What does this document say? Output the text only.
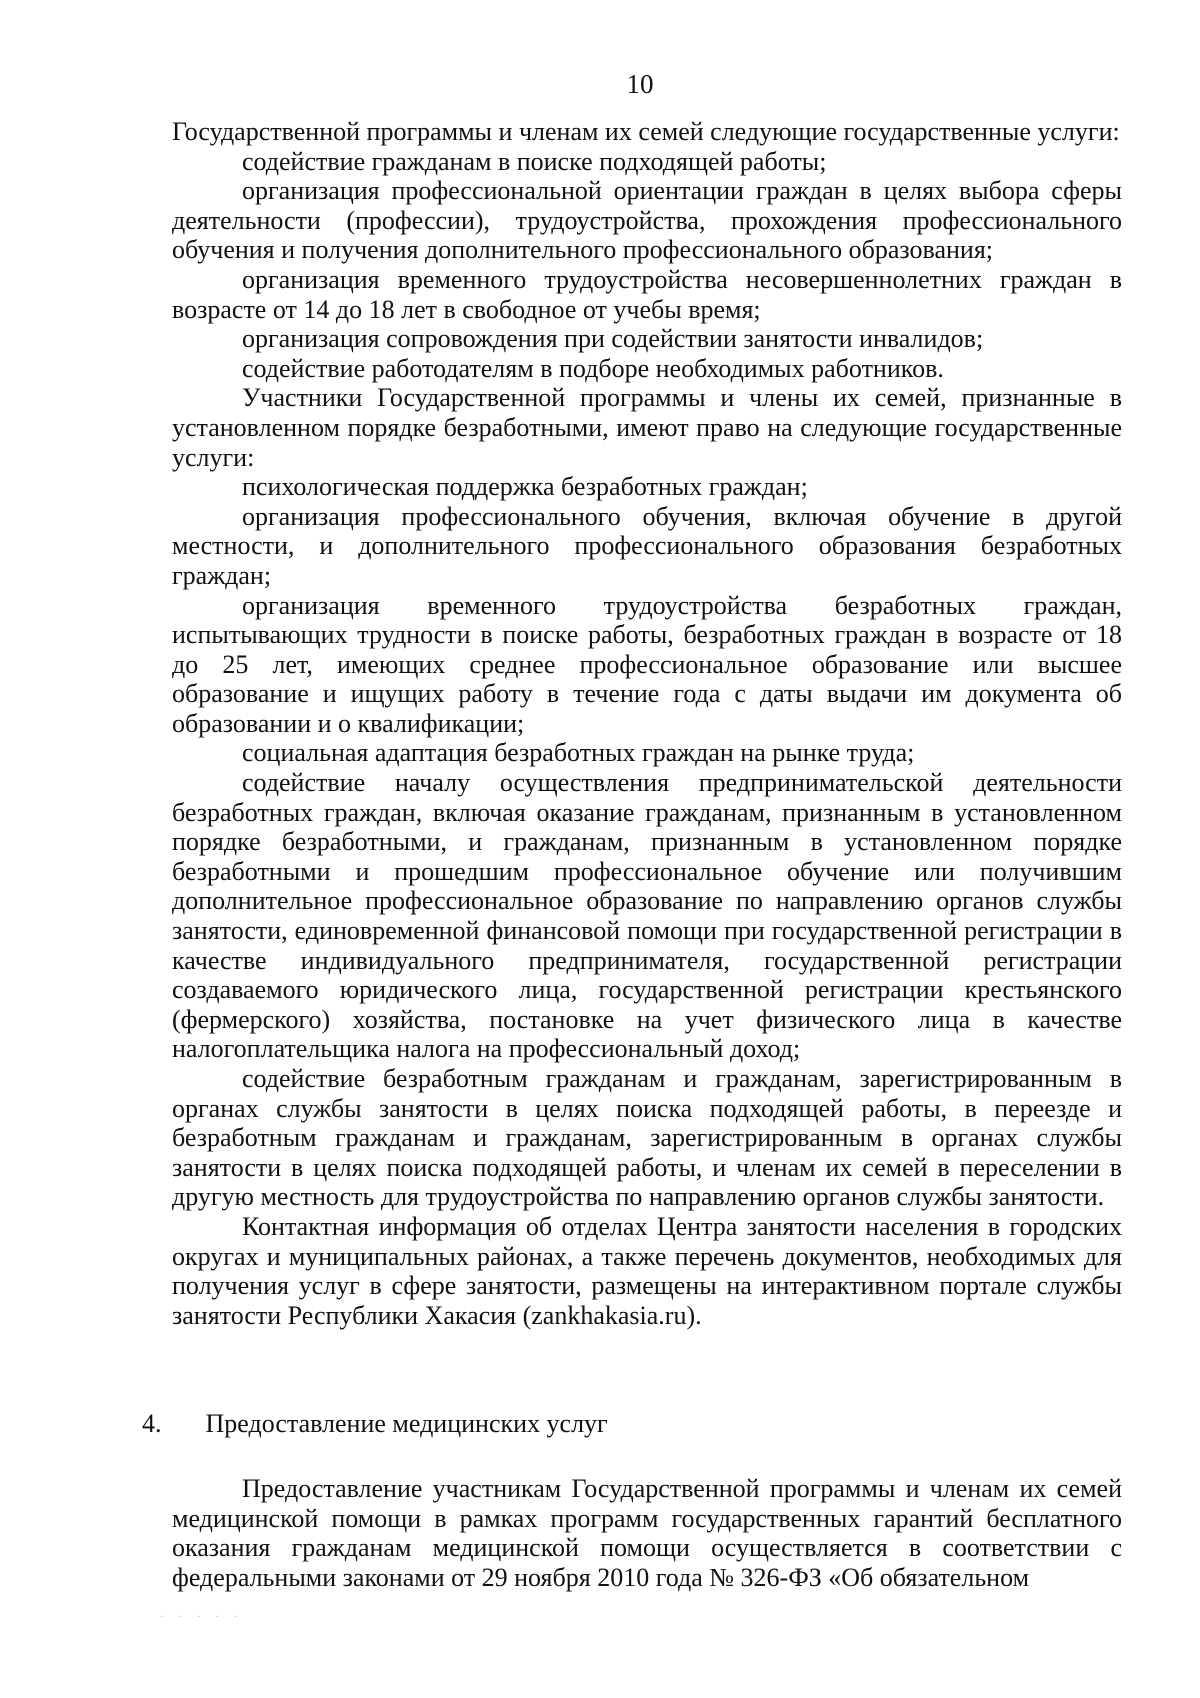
10

Государственной программы и членам их семей следующие государственные услуги:

содействие гражданам в поиске подходящей работы;

организация профессиональной ориентации граждан в целях выбора сферы деятельности (профессии), трудоустройства, прохождения профессионального обучения и получения дополнительного профессионального образования;

организация временного трудоустройства несовершеннолетних граждан в возрасте от 14 до 18 лет в свободное от учебы время;

организация сопровождения при содействии занятости инвалидов;

содействие работодателям в подборе необходимых работников.

Участники Государственной программы и члены их семей, признанные в установленном порядке безработными, имеют право на следующие государственные услуги:

психологическая поддержка безработных граждан;

организация профессионального обучения, включая обучение в другой местности, и дополнительного профессионального образования безработных граждан;

организация временного трудоустройства безработных граждан, испытывающих трудности в поиске работы, безработных граждан в возрасте от 18 до 25 лет, имеющих среднее профессиональное образование или высшее образование и ищущих работу в течение года с даты выдачи им документа об образовании и о квалификации;

социальная адаптация безработных граждан на рынке труда;

содействие началу осуществления предпринимательской деятельности безработных граждан, включая оказание гражданам, признанным в установленном порядке безработными, и гражданам, признанным в установленном порядке безработными и прошедшим профессиональное обучение или получившим дополнительное профессиональное образование по направлению органов службы занятости, единовременной финансовой помощи при государственной регистрации в качестве индивидуального предпринимателя, государственной регистрации создаваемого юридического лица, государственной регистрации крестьянского (фермерского) хозяйства, постановке на учет физического лица в качестве налогоплательщика налога на профессиональный доход;

содействие безработным гражданам и гражданам, зарегистрированным в органах службы занятости в целях поиска подходящей работы, в переезде и безработным гражданам и гражданам, зарегистрированным в органах службы занятости в целях поиска подходящей работы, и членам их семей в переселении в другую местность для трудоустройства по направлению органов службы занятости.

Контактная информация об отделах Центра занятости населения в городских округах и муниципальных районах, а также перечень документов, необходимых для получения услуг в сфере занятости, размещены на интерактивном портале службы занятости Республики Хакасия (zankhakasia.ru).

4. Предоставление медицинских услуг

Предоставление участникам Государственной программы и членам их семей медицинской помощи в рамках программ государственных гарантий бесплатного оказания гражданам медицинской помощи осуществляется в соответствии с федеральными законами от 29 ноября 2010 года № 326-ФЗ «Об обязательном

· · · · ·
